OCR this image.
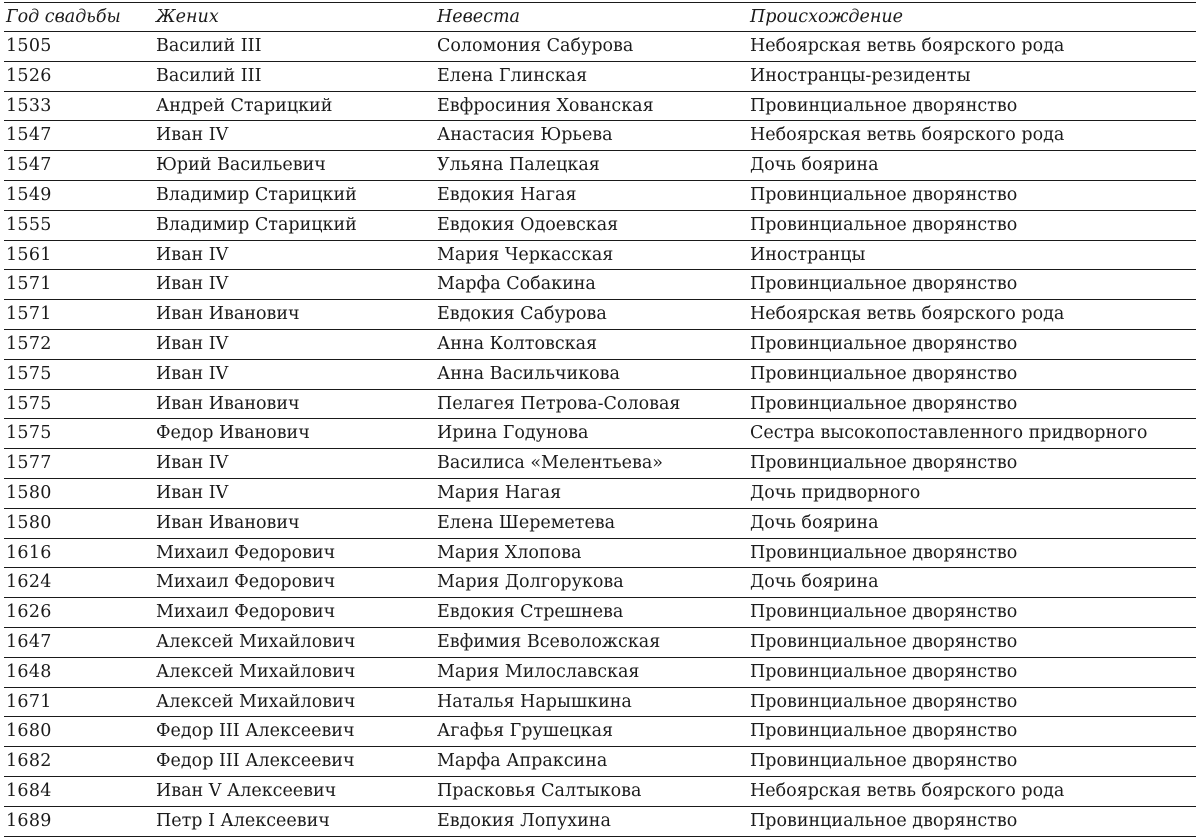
Год свадьбы	Жених	Невеста	Происхождение
1505	Василий III	Соломония Сабурова	Небоярская ветвь боярского рода
1526	Василий III	Елена Глинская	Иностранцы-резиденты
1533	Андрей Старицкий	Евфросиния Хованская	Провинциальное дворянство
1547	Иван IV	Анастасия Юрьева	Небоярская ветвь боярского рода
1547	Юрий Васильевич	Ульяна Палецкая	Дочь боярина
1549	Владимир Старицкий	Евдокия Нагая	Провинциальное дворянство
1555	Владимир Старицкий	Евдокия Одоевская	Провинциальное дворянство
1561	Иван IV	Мария Черкасская	Иностранцы
1571	Иван IV	Марфа Собакина	Провинциальное дворянство
1571	Иван Иванович	Евдокия Сабурова	Небоярская ветвь боярского рода
1572	Иван IV	Анна Колтовская	Провинциальное дворянство
1575	Иван IV	Анна Васильчикова	Провинциальное дворянство
1575	Иван Иванович	Пелагея Петрова-Соловая	Провинциальное дворянство
1575	Федор Иванович	Ирина Годунова	Сестра высокопоставленного придворного
1577	Иван IV	Василиса «Мелентьева»	Провинциальное дворянство
1580	Иван IV	Мария Нагая	Дочь придворного
1580	Иван Иванович	Елена Шереметева	Дочь боярина
1616	Михаил Федорович	Мария Хлопова	Провинциальное дворянство
1624	Михаил Федорович	Мария Долгорукова	Дочь боярина
1626	Михаил Федорович	Евдокия Стрешнева	Провинциальное дворянство
1647	Алексей Михайлович	Евфимия Всеволожская	Провинциальное дворянство
1648	Алексей Михайлович	Мария Милославская	Провинциальное дворянство
1671	Алексей Михайлович	Наталья Нарышкина	Провинциальное дворянство
1680	Федор III Алексеевич	Агафья Грушецкая	Провинциальное дворянство
1682	Федор III Алексеевич	Марфа Апраксина	Провинциальное дворянство
1684	Иван V Алексеевич	Прасковья Салтыкова	Небоярская ветвь боярского рода
1689	Петр I Алексеевич	Евдокия Лопухина	Провинциальное дворянство
